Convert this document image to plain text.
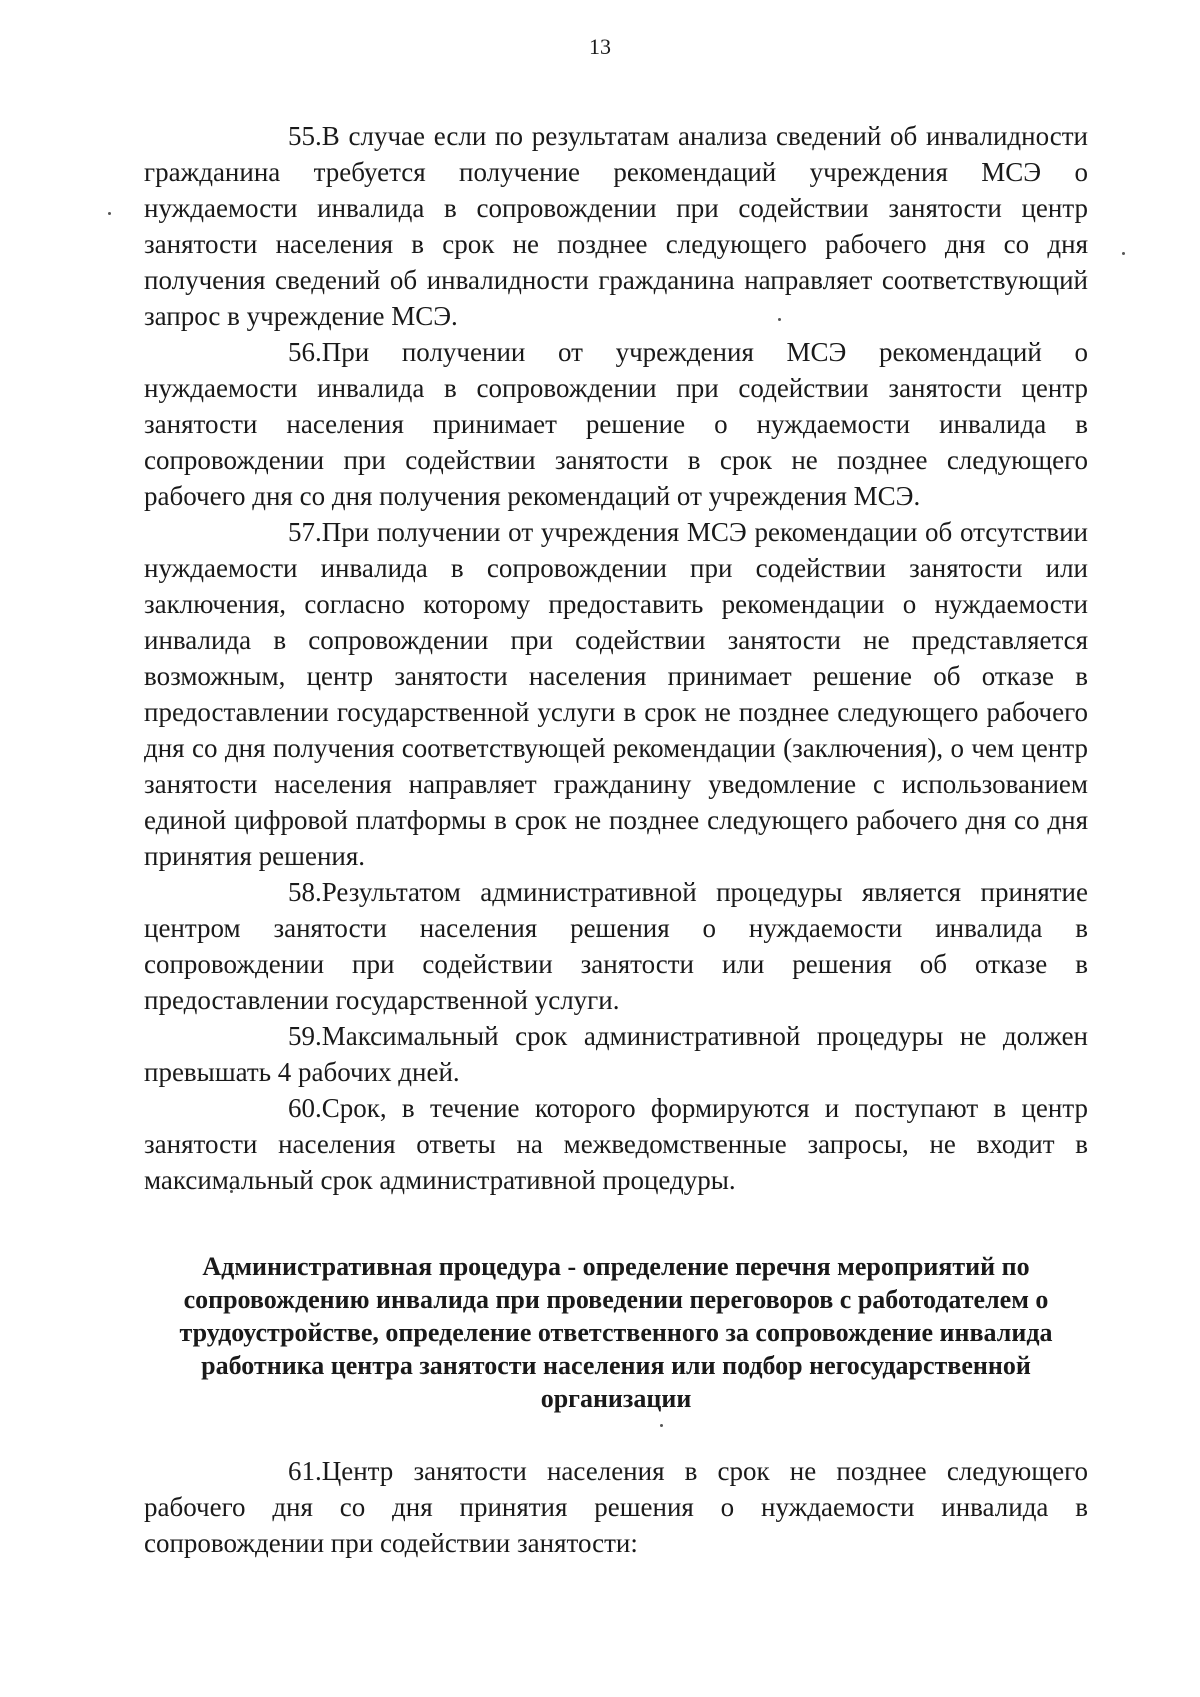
13

55.В случае если по результатам анализа сведений об инвалидности гражданина требуется получение рекомендаций учреждения МСЭ о нуждаемости инвалида в сопровождении при содействии занятости центр занятости населения в срок не позднее следующего рабочего дня со дня получения сведений об инвалидности гражданина направляет соответствующий запрос в учреждение МСЭ.

56.При получении от учреждения МСЭ рекомендаций о нуждаемости инвалида в сопровождении при содействии занятости центр занятости населения принимает решение о нуждаемости инвалида в сопровождении при содействии занятости в срок не позднее следующего рабочего дня со дня получения рекомендаций от учреждения МСЭ.

57.При получении от учреждения МСЭ рекомендации об отсутствии нуждаемости инвалида в сопровождении при содействии занятости или заключения, согласно которому предоставить рекомендации о нуждаемости инвалида в сопровождении при содействии занятости не представляется возможным, центр занятости населения принимает решение об отказе в предоставлении государственной услуги в срок не позднее следующего рабочего дня со дня получения соответствующей рекомендации (заключения), о чем центр занятости населения направляет гражданину уведомление с использованием единой цифровой платформы в срок не позднее следующего рабочего дня со дня принятия решения.

58.Результатом административной процедуры является принятие центром занятости населения решения о нуждаемости инвалида в сопровождении при содействии занятости или решения об отказе в предоставлении государственной услуги.

59.Максимальный срок административной процедуры не должен превышать 4 рабочих дней.

60.Срок, в течение которого формируются и поступают в центр занятости населения ответы на межведомственные запросы, не входит в максимальный срок административной процедуры.

Административная процедура - определение перечня мероприятий по сопровождению инвалида при проведении переговоров с работодателем о трудоустройстве, определение ответственного за сопровождение инвалида работника центра занятости населения или подбор негосударственной организации

61.Центр занятости населения в срок не позднее следующего рабочего дня со дня принятия решения о нуждаемости инвалида в сопровождении при содействии занятости:
